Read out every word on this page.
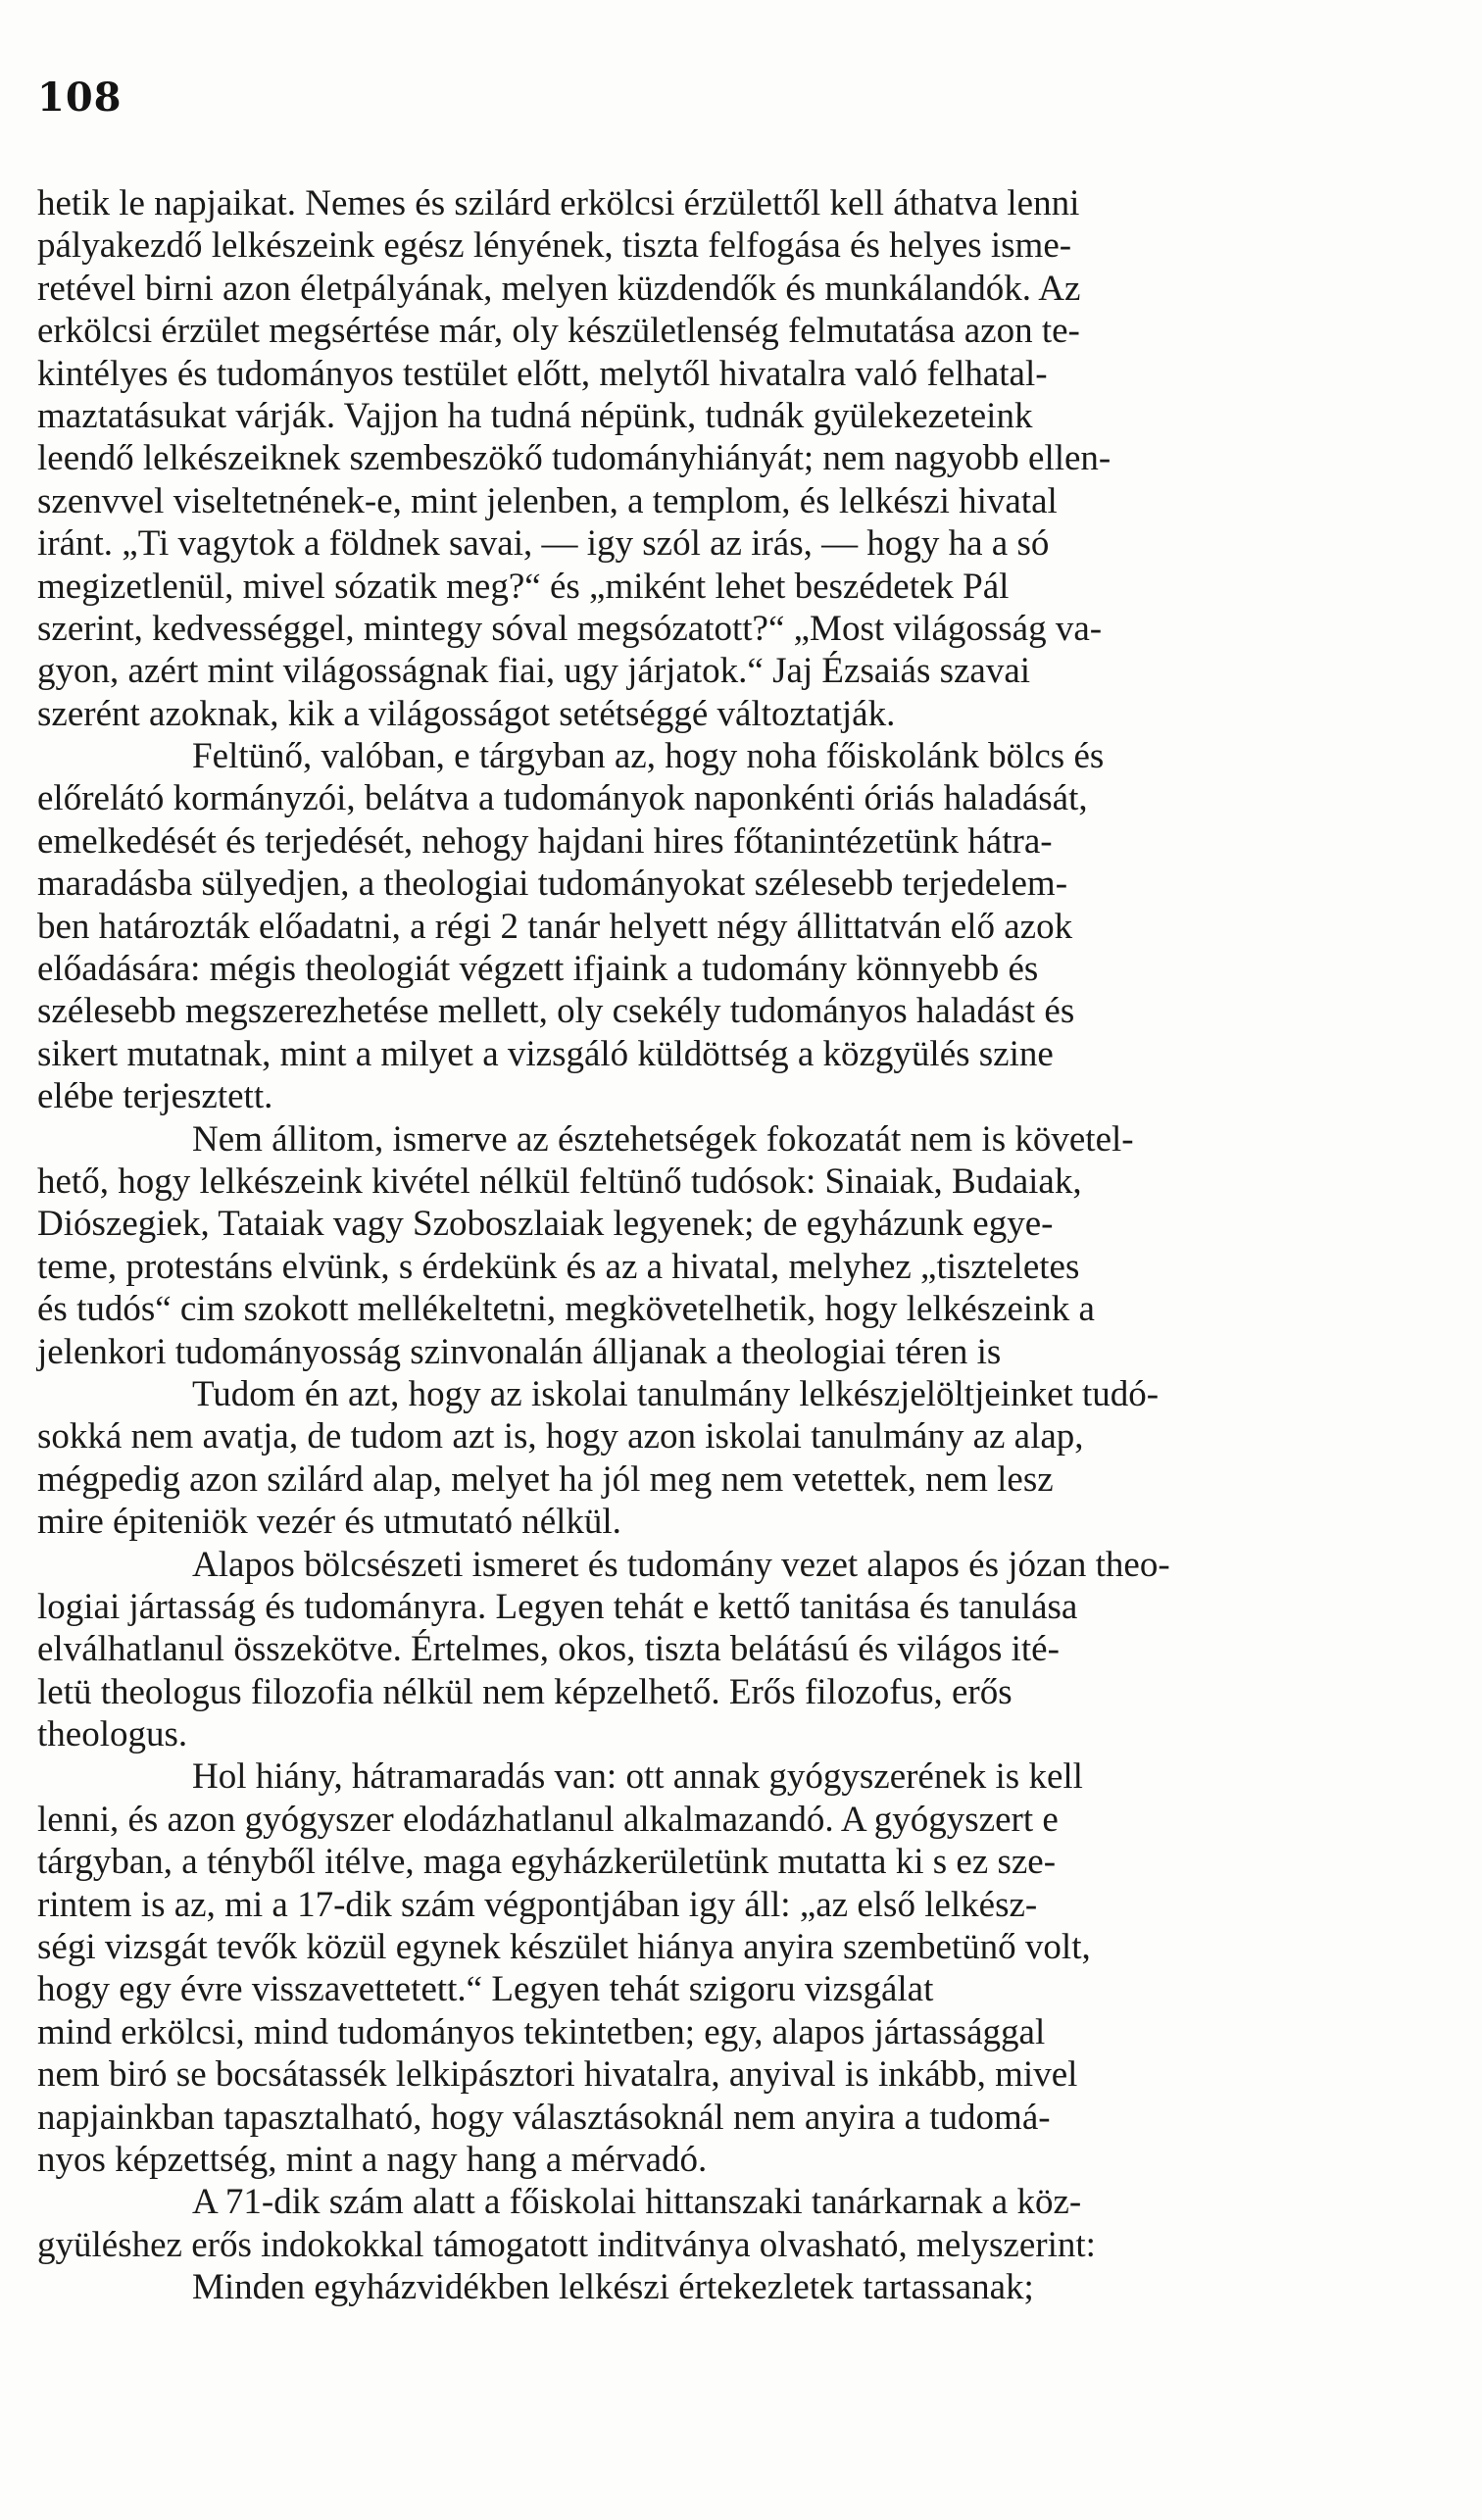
108
hetik le napjaikat. Nemes és szilárd erkölcsi érzülettől kell áthatva lenni
pályakezdő lelkészeink egész lényének, tiszta felfogása és helyes isme-
retével birni azon életpályának, melyen küzdendők és munkálandók. Az
erkölcsi érzület megsértése már, oly készületlenség felmutatása azon te-
kintélyes és tudományos testület előtt, melytől hivatalra való felhatal-
maztatásukat várják. Vajjon ha tudná népünk, tudnák gyülekezeteink
leendő lelkészeiknek szembeszökő tudományhiányát; nem nagyobb ellen-
szenvvel viseltetnének-e, mint jelenben, a templom, és lelkészi hivatal
iránt. „Ti vagytok a földnek savai, — igy szól az irás, — hogy ha a só
megizetlenül, mivel sózatik meg?“ és „miként lehet beszédetek Pál
szerint, kedvességgel, mintegy sóval megsózatott?“ „Most világosság va-
gyon, azért mint világosságnak fiai, ugy járjatok.“ Jaj Ézsaiás szavai
szerént azoknak, kik a világosságot setétséggé változtatják.
Feltünő, valóban, e tárgyban az, hogy noha főiskolánk bölcs és
előrelátó kormányzói, belátva a tudományok naponkénti óriás haladását,
emelkedését és terjedését, nehogy hajdani hires főtanintézetünk hátra-
maradásba sülyedjen, a theologiai tudományokat szélesebb terjedelem-
ben határozták előadatni, a régi 2 tanár helyett négy állittatván elő azok
előadására: mégis theologiát végzett ifjaink a tudomány könnyebb és
szélesebb megszerezhetése mellett, oly csekély tudományos haladást és
sikert mutatnak, mint a milyet a vizsgáló küldöttség a közgyülés szine
elébe terjesztett.
Nem állitom, ismerve az észtehetségek fokozatát nem is követel-
hető, hogy lelkészeink kivétel nélkül feltünő tudósok: Sinaiak, Budaiak,
Diószegiek, Tataiak vagy Szoboszlaiak legyenek; de egyházunk egye-
teme, protestáns elvünk, s érdekünk és az a hivatal, melyhez „tiszteletes
és tudós“ cim szokott mellékeltetni, megkövetelhetik, hogy lelkészeink a
jelenkori tudományosság szinvonalán álljanak a theologiai téren is
Tudom én azt, hogy az iskolai tanulmány lelkészjelöltjeinket tudó-
sokká nem avatja, de tudom azt is, hogy azon iskolai tanulmány az alap,
mégpedig azon szilárd alap, melyet ha jól meg nem vetettek, nem lesz
mire épiteniök vezér és utmutató nélkül.
Alapos bölcsészeti ismeret és tudomány vezet alapos és józan theo-
logiai jártasság és tudományra. Legyen tehát e kettő tanitása és tanulása
elválhatlanul összekötve. Értelmes, okos, tiszta belátású és világos ité-
letü theologus filozofia nélkül nem képzelhető. Erős filozofus, erős
theologus.
Hol hiány, hátramaradás van: ott annak gyógyszerének is kell
lenni, és azon gyógyszer elodázhatlanul alkalmazandó. A gyógyszert e
tárgyban, a tényből itélve, maga egyházkerületünk mutatta ki s ez sze-
rintem is az, mi a 17-dik szám végpontjában igy áll: „az első lelkész-
ségi vizsgát tevők közül egynek készület hiánya anyira szembetünő volt,
hogy egy évre visszavettetett.“ Legyen tehát szigoru vizsgálat
mind erkölcsi, mind tudományos tekintetben; egy, alapos jártassággal
nem biró se bocsátassék lelkipásztori hivatalra, anyival is inkább, mivel
napjainkban tapasztalható, hogy választásoknál nem anyira a tudomá-
nyos képzettség, mint a nagy hang a mérvadó.
A 71-dik szám alatt a főiskolai hittanszaki tanárkarnak a köz-
gyüléshez erős indokokkal támogatott inditványa olvasható, melyszerint:
Minden egyházvidékben lelkészi értekezletek tartassanak;
